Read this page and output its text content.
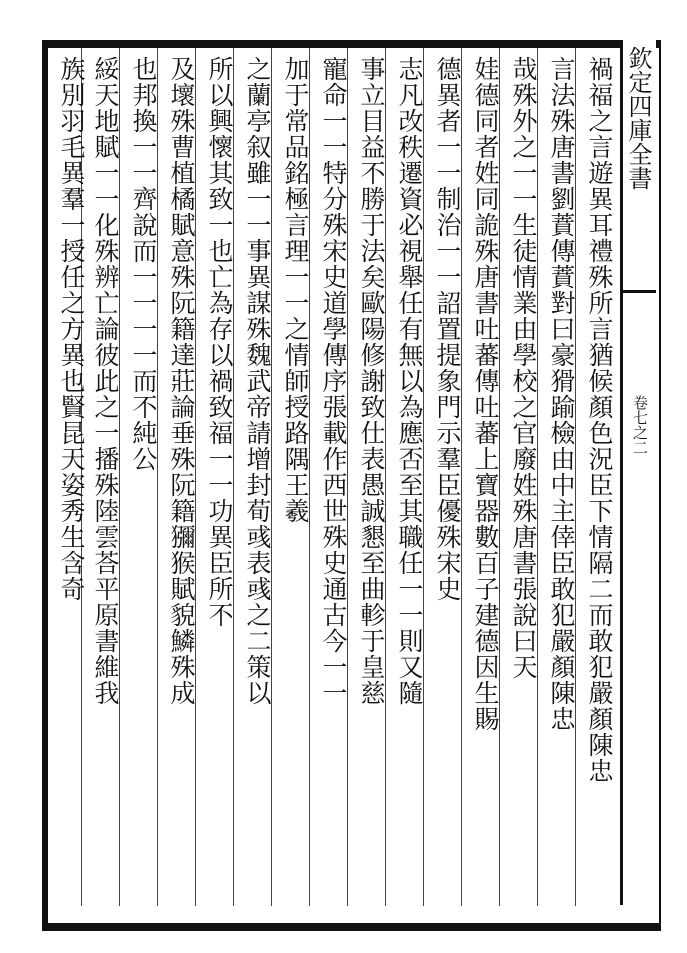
欽定四庫全書
卷七之二
禍福之言遊異耳禮殊所言猶候顏色況臣下情隔二而敢犯嚴顏陳忠
言法殊唐書劉蕡傳蕡對曰豪猾踰檢由中主倖臣敢犯嚴顏陳忠
哉殊外之一一生徒情業由學校之官廢姓殊唐書張說曰天
娃德同者姓同詭殊唐書吐蕃傳吐蕃上寶器數百子建德因生賜
德異者一一制治一一詔置提象門示羣臣優殊宋史
志凡改秩遷資必視舉任有無以為應否至其職任一一則又隨
事立目益不勝于法矣歐陽修謝致仕表愚誠懇至曲軫于皇慈
寵命一一特分殊宋史道學傳序張載作西世殊史通古今一一
加于常品銘極言理一一之情師授路隅王羲
之蘭亭叙雖一一事異謀殊魏武帝請增封荀彧表彧之二策以
所以興懷其致一也亡為存以禍致福一一功異臣所不
及壞殊曹植橘賦意殊阮籍達莊論垂殊阮籍獼猴賦貌鱗殊成
也邦換一一齊說而一一一一而不純公
綏天地賦一一化殊辨亡論彼此之一播殊陸雲荅平原書維我
族別羽毛異羣一授任之方異也賢昆天姿秀生含奇
